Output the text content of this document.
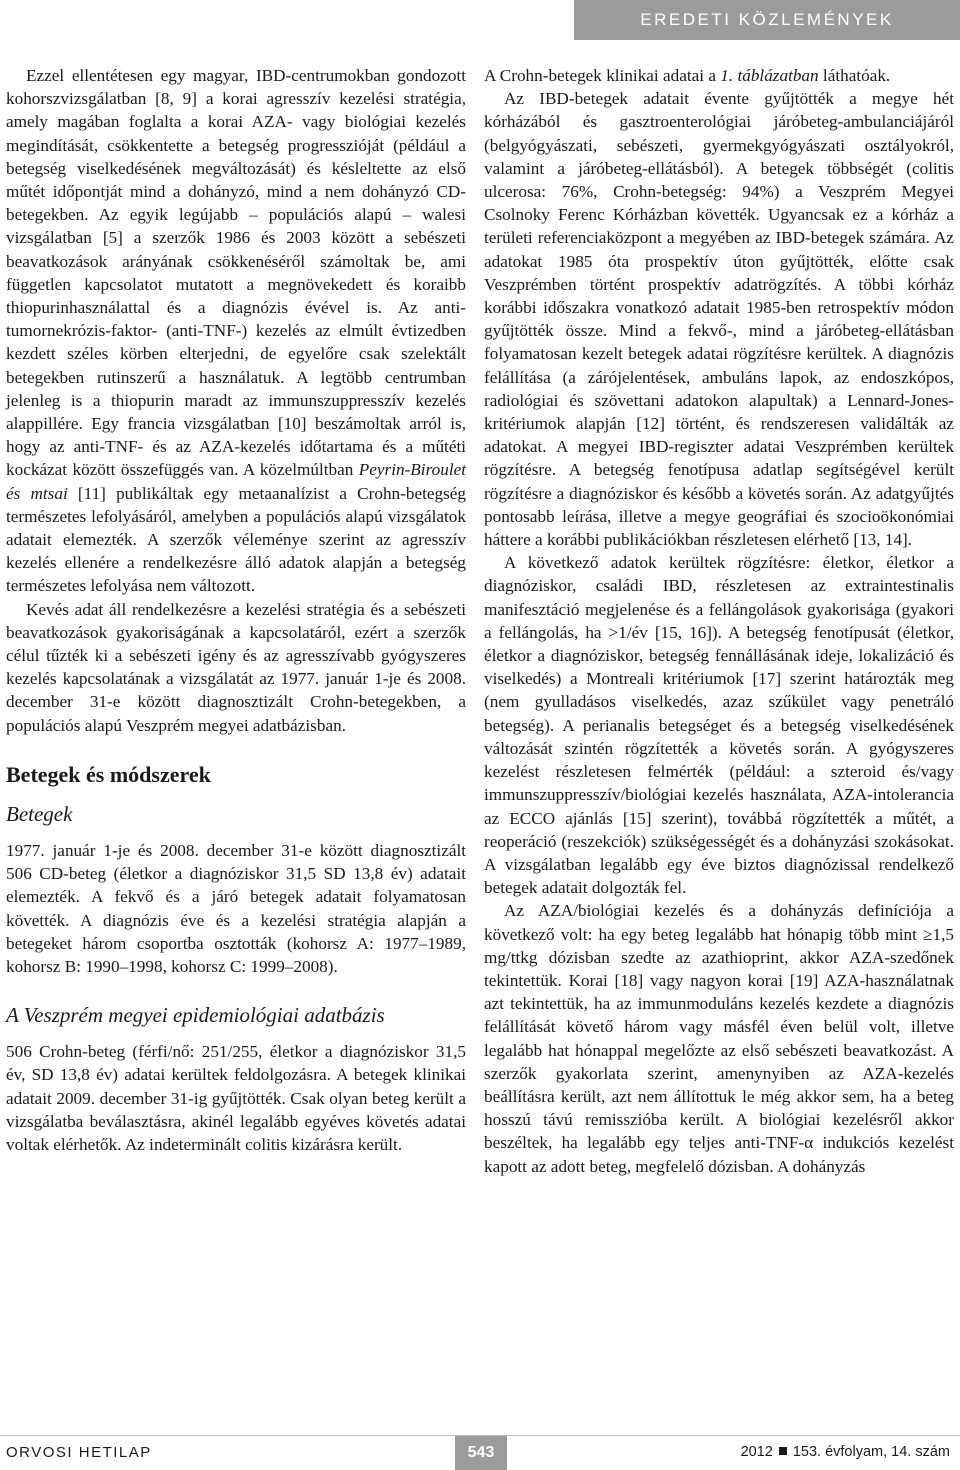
EREDETI KÖZLEMÉNYEK

Ezzel ellentétesen egy magyar, IBD-centrumokban gondozott kohorszvizsgálatban [8, 9] a korai agresszív kezelési stratégia, amely magában foglalta a korai AZA- vagy biológiai kezelés megindítását, csökkentette a betegség progresszióját (például a betegség viselkedésének megváltozását) és késleltette az első műtét időpontját mind a dohányzó, mind a nem dohányzó CD-betegekben. Az egyik legújabb – populációs alapú – walesi vizsgálatban [5] a szerzők 1986 és 2003 között a sebészeti beavatkozások arányának csökkenéséről számoltak be, ami független kapcsolatot mutatott a megnövekedett és koraibb thiopurinhasználattal és a diagnózis évével is. Az anti-tumornekrózis-faktor- (anti-TNF-) kezelés az elmúlt évtizedben kezdett széles körben elterjedni, de egyelőre csak szelektált betegekben rutinszerű a használatuk. A legtöbb centrumban jelenleg is a thiopurin maradt az immunszuppresszív kezelés alappillére. Egy francia vizsgálatban [10] beszámoltak arról is, hogy az anti-TNF- és az AZA-kezelés időtartama és a műtéti kockázat között összefüggés van. A közelmúltban Peyrin-Biroulet és mtsai [11] publikáltak egy metaanalízist a Crohn-betegség természetes lefolyásáról, amelyben a populációs alapú vizsgálatok adatait elemezték. A szerzők véleménye szerint az agresszív kezelés ellenére a rendelkezésre álló adatok alapján a betegség természetes lefolyása nem változott.

Kevés adat áll rendelkezésre a kezelési stratégia és a sebészeti beavatkozások gyakoriságának a kapcsolatáról, ezért a szerzők célul tűzték ki a sebészeti igény és az agresszívabb gyógyszeres kezelés kapcsolatának a vizsgálatát az 1977. január 1-je és 2008. december 31-e között diagnosztizált Crohn-betegekben, a populációs alapú Veszprém megyei adatbázisban.

Betegek és módszerek
Betegek

1977. január 1-je és 2008. december 31-e között diagnosztizált 506 CD-beteg (életkor a diagnóziskor 31,5 SD 13,8 év) adatait elemezték. A fekvő és a járó betegek adatait folyamatosan követték. A diagnózis éve és a kezelési stratégia alapján a betegeket három csoportba osztották (kohorsz A: 1977–1989, kohorsz B: 1990–1998, kohorsz C: 1999–2008).

A Veszprém megyei epidemiológiai adatbázis

506 Crohn-beteg (férfi/nő: 251/255, életkor a diagnóziskor 31,5 év, SD 13,8 év) adatai kerültek feldolgozásra. A betegek klinikai adatait 2009. december 31-ig gyűjtötték. Csak olyan beteg került a vizsgálatba beválasztásra, akinél legalább egyéves követés adatai voltak elérhetők. Az indeterminált colitis kizárásra került.

A Crohn-betegek klinikai adatai a 1. táblázatban láthatóak.

Az IBD-betegek adatait évente gyűjtötték a megye hét kórházából és gasztroenterológiai járóbeteg-ambulanciájáról (belgyógyászati, sebészeti, gyermekgyógyászati osztályokról, valamint a járóbeteg-ellátásból). A betegek többségét (colitis ulcerosa: 76%, Crohn-betegség: 94%) a Veszprém Megyei Csolnoky Ferenc Kórházban követték. Ugyancsak ez a kórház a területi referenciaközpont a megyében az IBD-betegek számára. Az adatokat 1985 óta prospektív úton gyűjtötték, előtte csak Veszprémben történt prospektív adatrögzítés. A többi kórház korábbi időszakra vonatkozó adatait 1985-ben retrospektív módon gyűjtötték össze. Mind a fekvő-, mind a járóbeteg-ellátásban folyamatosan kezelt betegek adatai rögzítésre kerültek. A diagnózis felállítása (a zárójelentések, ambuláns lapok, az endoszkópos, radiológiai és szövettani adatokon alapultak) a Lennard-Jones-kritériumok alapján [12] történt, és rendszeresen validálták az adatokat. A megyei IBD-regiszter adatai Veszprémben kerültek rögzítésre. A betegség fenotípusa adatlap segítségével került rögzítésre a diagnóziskor és később a követés során. Az adatgyűjtés pontosabb leírása, illetve a megye geográfiai és szocioökonómiai háttere a korábbi publikációkban részletesen elérhető [13, 14].

A következő adatok kerültek rögzítésre: életkor, életkor a diagnóziskor, családi IBD, részletesen az extraintestinalis manifesztáció megjelenése és a fellángolások gyakorisága (gyakori a fellángolás, ha >1/év [15, 16]). A betegség fenotípusát (életkor, életkor a diagnóziskor, betegség fennállásának ideje, lokalizáció és viselkedés) a Montreali kritériumok [17] szerint határozták meg (nem gyulladásos viselkedés, azaz szűkület vagy penetráló betegség). A perianalis betegséget és a betegség viselkedésének változását szintén rögzítették a követés során. A gyógyszeres kezelést részletesen felmérték (például: a szteroid és/vagy immunszuppresszív/biológiai kezelés használata, AZA-intolerancia az ECCO ajánlás [15] szerint), továbbá rögzítették a műtét, a reoperáció (reszekciók) szükségességét és a dohányzási szokásokat. A vizsgálatban legalább egy éve biztos diagnózissal rendelkező betegek adatait dolgozták fel.

Az AZA/biológiai kezelés és a dohányzás definíciója a következő volt: ha egy beteg legalább hat hónapig több mint ≥1,5 mg/ttkg dózisban szedte az azathioprint, akkor AZA-szedőnek tekintettük. Korai [18] vagy nagyon korai [19] AZA-használatnak azt tekintettük, ha az immunmoduláns kezelés kezdete a diagnózis felállítását követő három vagy másfél éven belül volt, illetve legalább hat hónappal megelőzte az első sebészeti beavatkozást. A szerzők gyakorlata szerint, amenynyiben az AZA-kezelés beállításra került, azt nem állítottuk le még akkor sem, ha a beteg hosszú távú remisszióba került. A biológiai kezelésről akkor beszéltek, ha legalább egy teljes anti-TNF-α indukciós kezelést kapott az adott beteg, megfelelő dózisban. A dohányzás

ORVOSI HETILAP	543	2012 153. évfolyam, 14. szám
